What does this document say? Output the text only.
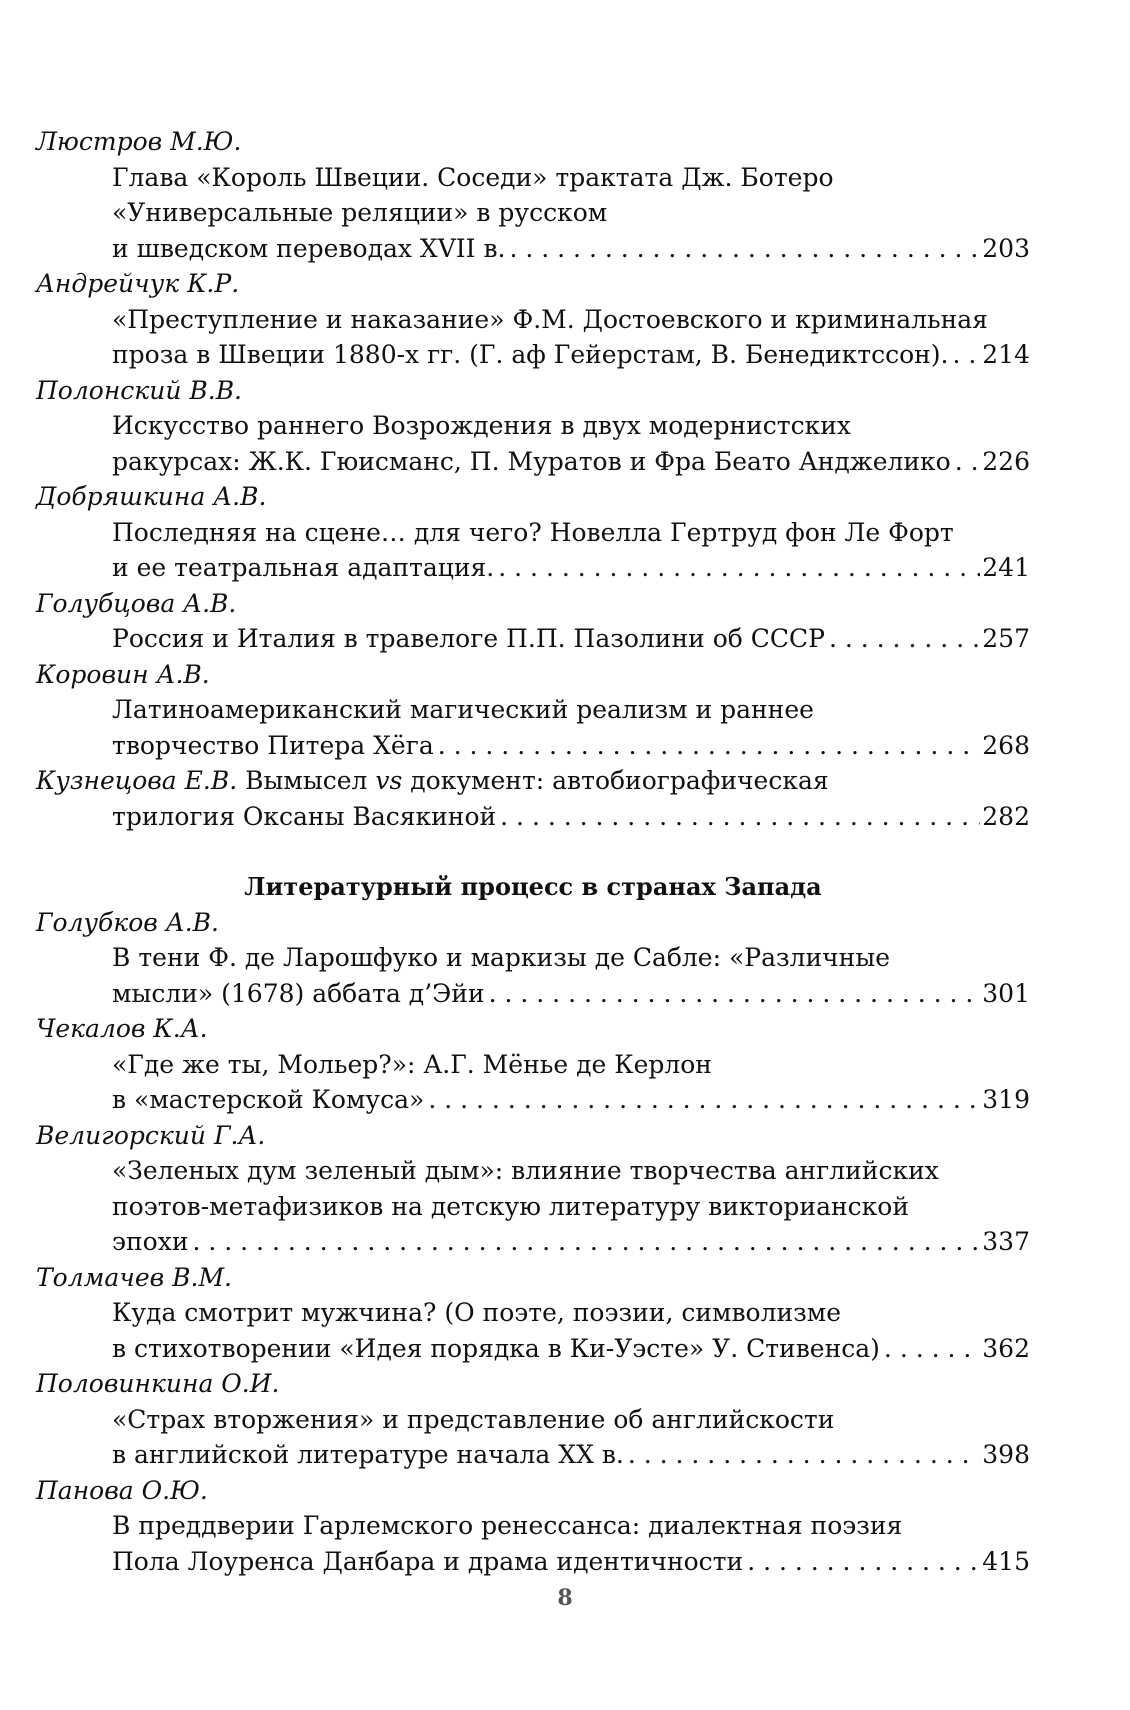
Люстров М.Ю.
Глава «Король Швеции. Соседи» трактата Дж. Ботеро
«Универсальные реляции» в русском
и шведском переводах XVII в. . . .	203
Андрейчук К.Р.
«Преступление и наказание» Ф.М. Достоевского и криминальная
проза в Швеции 1880-х гг. (Г. аф Гейерстам, В. Бенедиктссон). . . . 214
Полонский В.В.
Искусство раннего Возрождения в двух модернистских
ракурсах: Ж.К. Гюисманс, П. Муратов и Фра Беато Анджелико . . . 226
Добряшкина А.В.
Последняя на сцене… для чего? Новелла Гертруд фон Ле Форт
и ее театральная адаптация. . . .	241
Голубцова А.В.
Россия и Италия в травелоге П.П. Пазолини об СССР . . .	257
Коровин А.В.
Латиноамериканский магический реализм и раннее
творчество Питера Хёга . . .	268
Кузнецова Е.В. Вымысел vs документ: автобиографическая
трилогия Оксаны Васякиной . . .	282
Литературный процесс в странах Запада
Голубков А.В.
В тени Ф. де Ларошфуко и маркизы де Сабле: «Различные
мысли» (1678) аббата д’Эйи . . .	301
Чекалов К.А.
«Где же ты, Мольер?»: А.Г. Мёнье де Керлон
в «мастерской Комуса» . . .	319
Велигорский Г.А.
«Зеленых дум зеленый дым»: влияние творчества английских
поэтов-метафизиков на детскую литературу викторианской
эпохи . . .	337
Толмачев В.М.
Куда смотрит мужчина? (О поэте, поэзии, символизме
в стихотворении «Идея порядка в Ки-Уэсте» У. Стивенса) . . .	362
Половинкина О.И.
«Страх вторжения» и представление об английскости
в английской литературе начала XX в. . . .	398
Панова О.Ю.
В преддверии Гарлемского ренессанса: диалектная поэзия
Пола Лоуренса Данбара и драма идентичности . . .	415
8
